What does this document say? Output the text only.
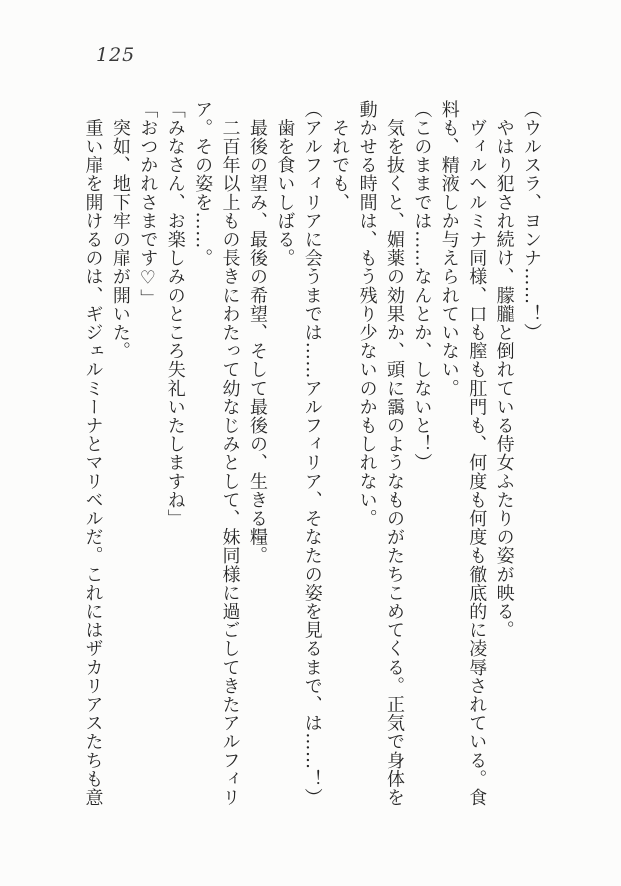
125

（ウルスラ、ヨンナ……！）

　やはり犯され続け、朦朧と倒れている侍女ふたりの姿が映る。

　ヴィルヘルミナ同様、口も膣も肛門も、何度も何度も徹底的に凌辱されている。食

料も、精液しか与えられていない。

（このままでは……なんとか、しないと！）

　気を抜くと、媚薬の効果か、頭に靄のようなものがたちこめてくる。正気で身体を

動かせる時間は、もう残り少ないのかもしれない。

　それでも、

（アルフィリアに会うまでは……アルフィリア、そなたの姿を見るまで、は……！）

　歯を食いしばる。

　最後の望み、最後の希望、そして最後の、生きる糧。

　二百年以上もの長きにわたって幼なじみとして、妹同様に過ごしてきたアルフィリ

ア。その姿を……。

「みなさん、お楽しみのところ失礼いたしますね」

「おつかれさまです♡」

　突如、地下牢の扉が開いた。

　重い扉を開けるのは、ギジェルミーナとマリベルだ。これにはザカリアスたちも意
